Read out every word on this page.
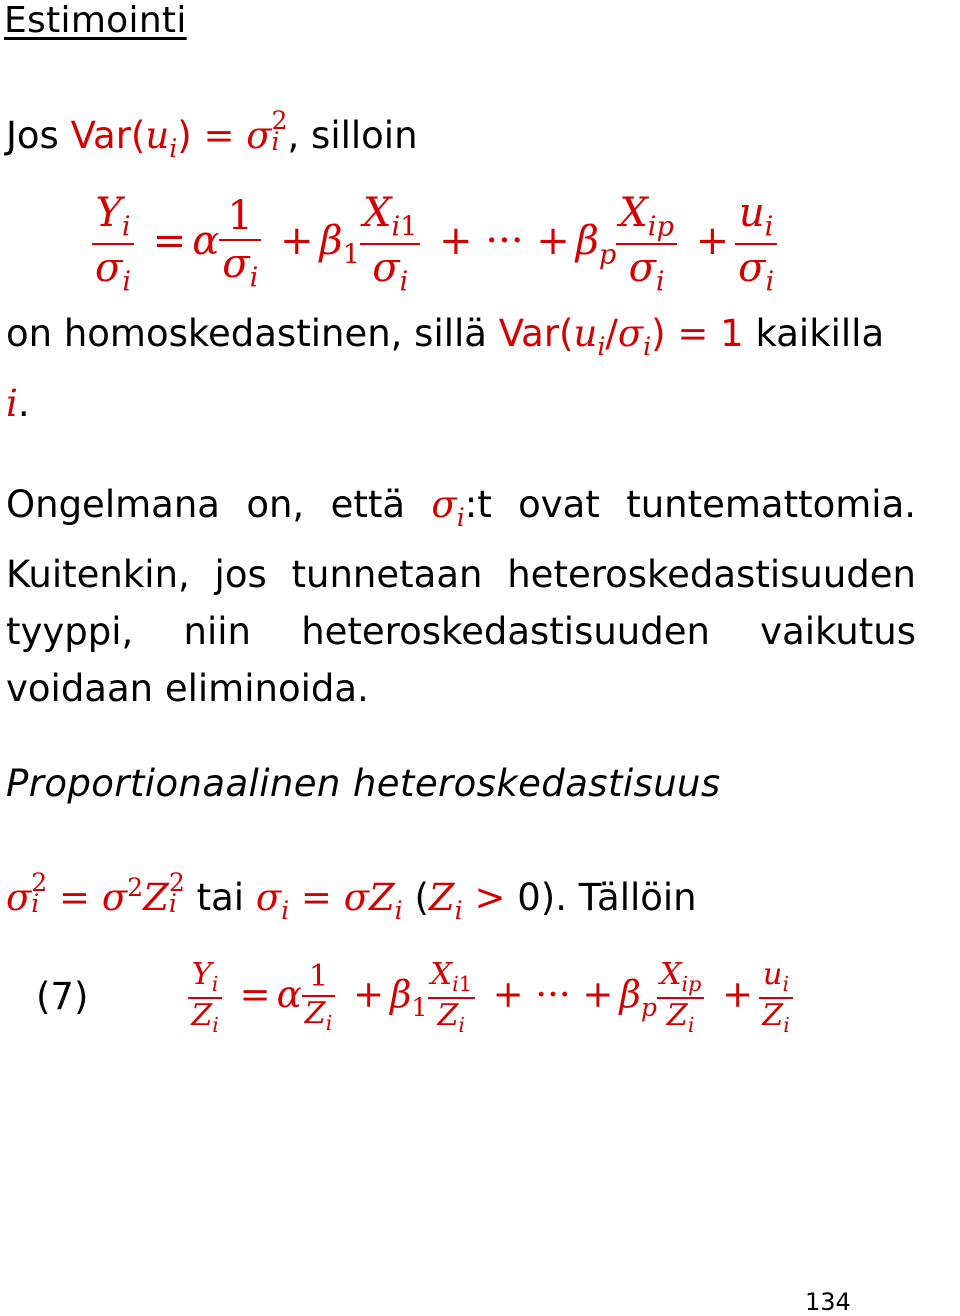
Estimointi
Jos $Var(u_i) = \sigma$ 2
i , silloin
$\frac{Y_i}{\sigma_i} = \alpha \frac{1}{\sigma_i} + \beta_1 \frac{X_{i1}}{\sigma_i}$ + ··· + $\beta_p \frac{X_{ip}}{\sigma_i} + \frac{u_i}{\sigma_i}$
on homoskedastinen, sillä $Var(u_i/\sigma_i) = 1$ kaikilla
i.
Ongelmana on, että $\sigma_i:t$ ovat tuntemattomia. Kuitenkin, jos tunnetaan heteroskedastisuuden tyyppi, niin heteroskedastisuuden vaikutus voidaan eliminoida.
Proportionaalinen heteroskedastisuus
σ 2
$i = \sigma^2Z$ 2
i tai $\sigma_i = \sigma Z_i$ $(Z_i > 0)$. Tällöin
(7)	$\frac{Y_i}{Z_i} = \alpha \frac{1}{Z_i} + \beta_1 \frac{X_{i1}}{Z_i}$ + ··· + $\beta_p \frac{X_{ip}}{Z_i} + \frac{u_i}{Z_i}$
134
